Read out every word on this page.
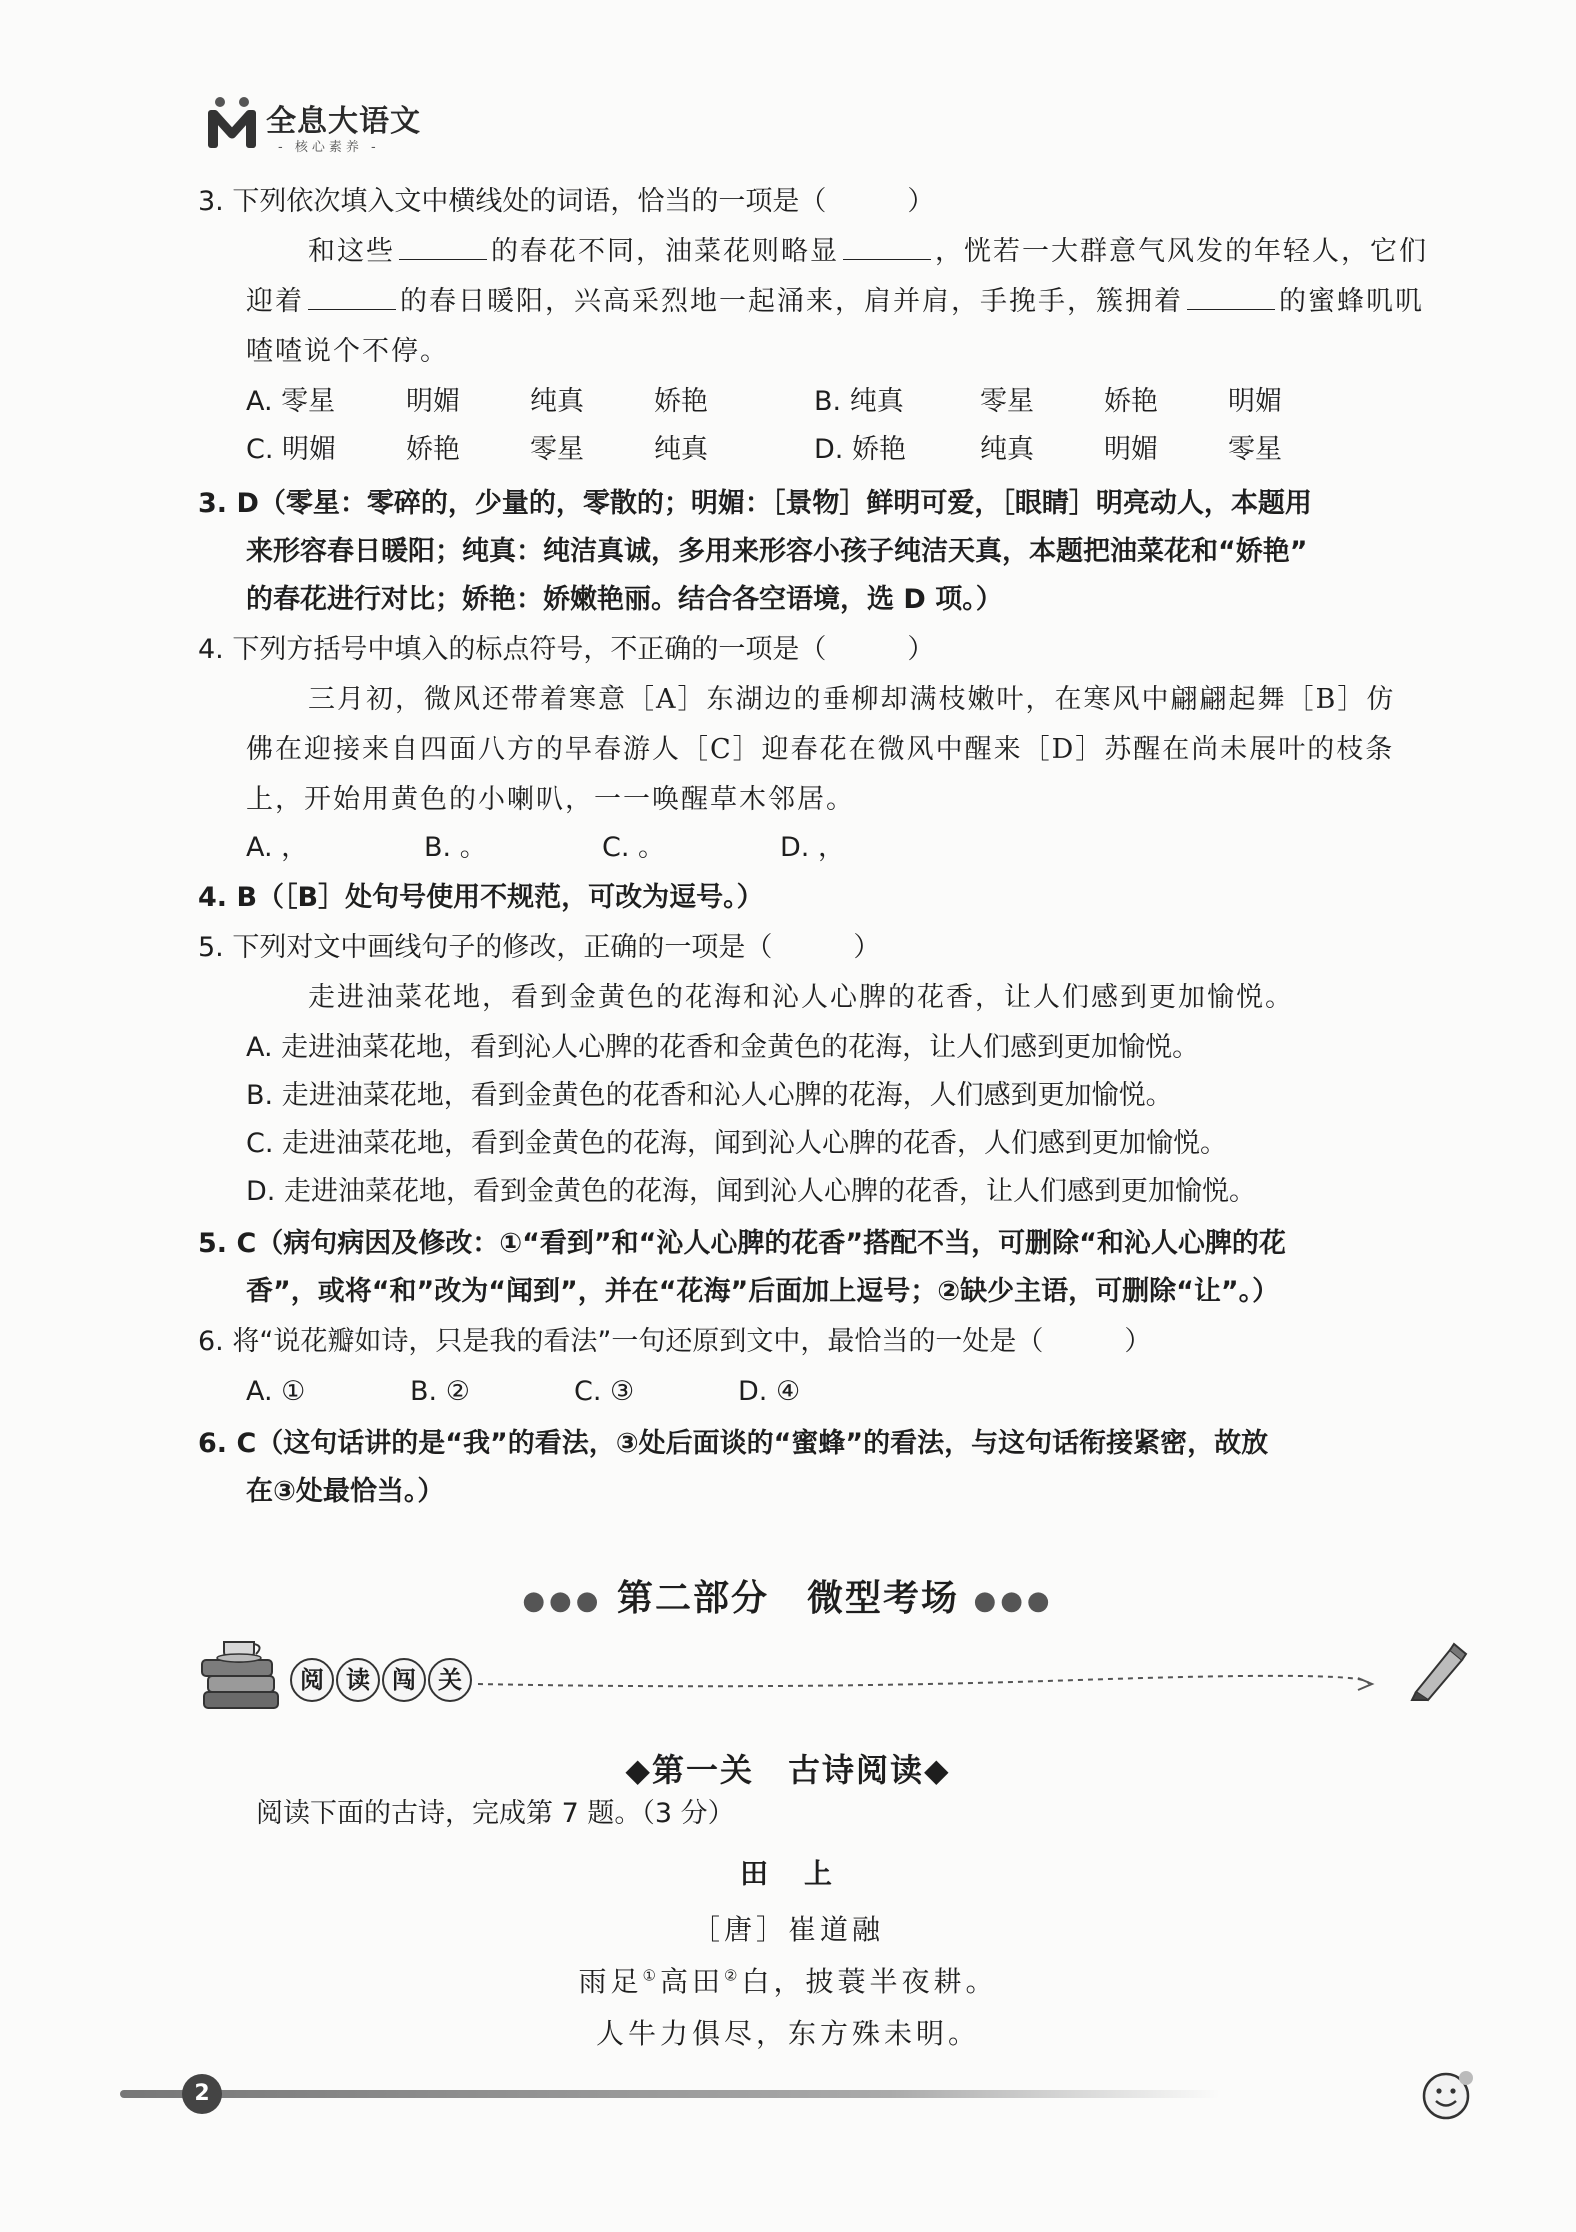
全息大语文
- 核心素养 -
3. 下列依次填入文中横线处的词语，恰当的一项是（　　　）
和这些	的春花不同，油菜花则略显	，恍若一大群意气风发的年轻人，它们
迎着	的春日暖阳，兴高采烈地一起涌来，肩并肩，手挽手，簇拥着	的蜜蜂叽叽
喳喳说个不停。
A. 零星	明媚	纯真	娇艳	B. 纯真	零星	娇艳	明媚
C. 明媚	娇艳	零星	纯真	D. 娇艳	纯真	明媚	零星
3. D（零星：零碎的，少量的，零散的；明媚：［景物］鲜明可爱，［眼睛］明亮动人，本题用
来形容春日暖阳；纯真：纯洁真诚，多用来形容小孩子纯洁天真，本题把油菜花和“娇艳”
的春花进行对比；娇艳：娇嫩艳丽。结合各空语境，选 D 项。）
4. 下列方括号中填入的标点符号，不正确的一项是（　　　）
三月初，微风还带着寒意［A］东湖边的垂柳却满枝嫩叶，在寒风中翩翩起舞［B］仿
佛在迎接来自四面八方的早春游人［C］迎春花在微风中醒来［D］苏醒在尚未展叶的枝条
上，开始用黄色的小喇叭，一一唤醒草木邻居。
A. ，	B. 。	C. 。	D. ，
4. B（［B］处句号使用不规范，可改为逗号。）
5. 下列对文中画线句子的修改，正确的一项是（　　　）
走进油菜花地，看到金黄色的花海和沁人心脾的花香，让人们感到更加愉悦。
A. 走进油菜花地，看到沁人心脾的花香和金黄色的花海，让人们感到更加愉悦。
B. 走进油菜花地，看到金黄色的花香和沁人心脾的花海，人们感到更加愉悦。
C. 走进油菜花地，看到金黄色的花海，闻到沁人心脾的花香，人们感到更加愉悦。
D. 走进油菜花地，看到金黄色的花海，闻到沁人心脾的花香，让人们感到更加愉悦。
5. C（病句病因及修改：①“看到”和“沁人心脾的花香”搭配不当，可删除“和沁人心脾的花
香”，或将“和”改为“闻到”，并在“花海”后面加上逗号；②缺少主语，可删除“让”。）
6. 将“说花瓣如诗，只是我的看法”一句还原到文中，最恰当的一处是（　　　）
A. ①	B. ②	C. ③	D. ④
6. C（这句话讲的是“我”的看法，③处后面谈的“蜜蜂”的看法，与这句话衔接紧密，故放
在③处最恰当。）
●●● 第二部分　微型考场 ●●●
阅 读 闯 关
◆第一关　古诗阅读◆
阅读下面的古诗，完成第 7 题。（3 分）
田　上
［唐］崔道融
雨足①高田②白，披蓑半夜耕。
人牛力俱尽，东方殊未明。
2
